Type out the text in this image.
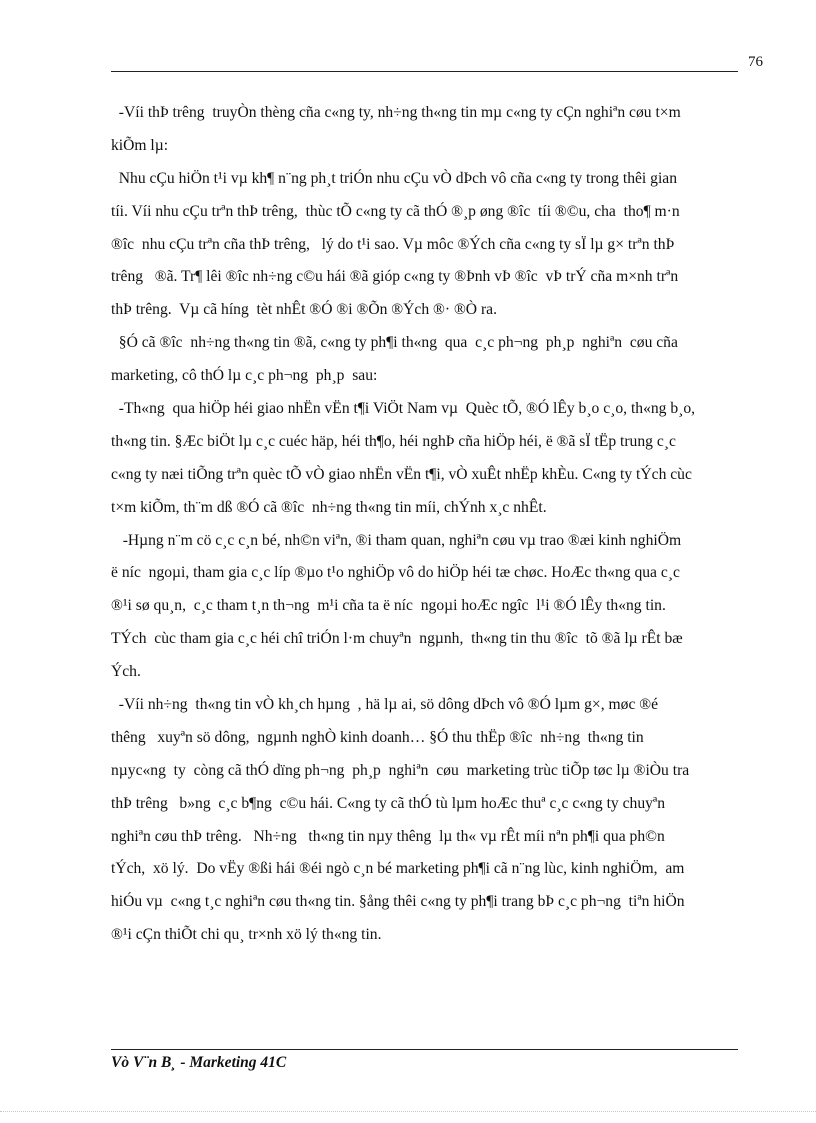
76
-Víi thÞ trêng  truyÒn thèng cña c«ng ty, nh÷ng th«ng tin mµ c«ng ty cÇn nghiªn cøu t×m
kiÕm lµ:
Nhu cÇu hiÖn t¹i vµ kh¶ n¨ng ph¸t triÓn nhu cÇu vÒ dÞch vô cña c«ng ty trong thêi gian
tíi. Víi nhu cÇu trªn thÞ trêng,  thùc tÕ c«ng ty cã thÓ ®¸p øng ®îc  tíi ®©u, cha  tho¶ m·n
®îc  nhu cÇu trªn cña thÞ trêng,   lý do t¹i sao. Vµ môc ®Ých cña c«ng ty sÏ lµ g× trªn thÞ
trêng   ®ã. Tr¶ lêi ®îc nh÷ng c©u hái ®ã gióp c«ng ty ®Þnh vÞ ®îc  vÞ trÝ cña m×nh trªn
thÞ trêng.  Vµ cã híng  tèt nhÊt ®Ó ®i ®Õn ®Ých ®· ®Ò ra.
§Ó cã ®îc  nh÷ng th«ng tin ®ã, c«ng ty ph¶i th«ng  qua  c¸c ph¬ng  ph¸p  nghiªn  cøu cña
marketing, cô thÓ lµ c¸c ph¬ng  ph¸p  sau:
-Th«ng  qua hiÖp héi giao nhËn vËn t¶i ViÖt Nam vµ  Quèc tÕ, ®Ó lÊy b¸o c¸o, th«ng b¸o,
th«ng tin. §Æc biÖt lµ c¸c cuéc häp, héi th¶o, héi nghÞ cña hiÖp héi, ë ®ã sÏ tËp trung c¸c
c«ng ty næi tiÕng trªn quèc tÕ vÒ giao nhËn vËn t¶i, vÒ xuÊt nhËp khÈu. C«ng ty tÝch cùc
t×m kiÕm, th¨m dß ®Ó cã ®îc  nh÷ng th«ng tin míi, chÝnh x¸c nhÊt.
-Hµng n¨m cö c¸c c¸n bé, nh©n viªn, ®i tham quan, nghiªn cøu vµ trao ®æi kinh nghiÖm
ë níc  ngoµi, tham gia c¸c líp ®µo t¹o nghiÖp vô do hiÖp héi tæ chøc. HoÆc th«ng qua c¸c
®¹i sø qu¸n,  c¸c tham t¸n th¬ng  m¹i cña ta ë níc  ngoµi hoÆc ngîc  l¹i ®Ó lÊy th«ng tin.
TÝch  cùc tham gia c¸c héi chî triÓn l·m chuyªn  ngµnh,  th«ng tin thu ®îc  tõ ®ã lµ rÊt bæ
Ých.
-Víi nh÷ng  th«ng tin vÒ kh¸ch hµng  , hä lµ ai, sö dông dÞch vô ®Ó lµm g×, møc ®é
thêng   xuyªn sö dông,  ngµnh nghÒ kinh doanh… §Ó thu thËp ®îc  nh÷ng  th«ng tin
nµyc«ng  ty  còng cã thÓ dïng ph¬ng  ph¸p  nghiªn  cøu  marketing trùc tiÕp tøc lµ ®iÒu tra
thÞ trêng   b»ng  c¸c b¶ng  c©u hái. C«ng ty cã thÓ tù lµm hoÆc thuª c¸c c«ng ty chuyªn
nghiªn cøu thÞ trêng.   Nh÷ng   th«ng tin nµy thêng  lµ th« vµ rÊt míi nªn ph¶i qua ph©n
tÝch,  xö lý.  Do vËy ®ßi hái ®éi ngò c¸n bé marketing ph¶i cã n¨ng lùc, kinh nghiÖm,  am
hiÓu vµ  c«ng t¸c nghiªn cøu th«ng tin. §ång thêi c«ng ty ph¶i trang bÞ c¸c ph¬ng  tiªn hiÖn
®¹i cÇn thiÕt chi qu¸ tr×nh xö lý th«ng tin.
Vò V¨n B¸ - Marketing 41C
